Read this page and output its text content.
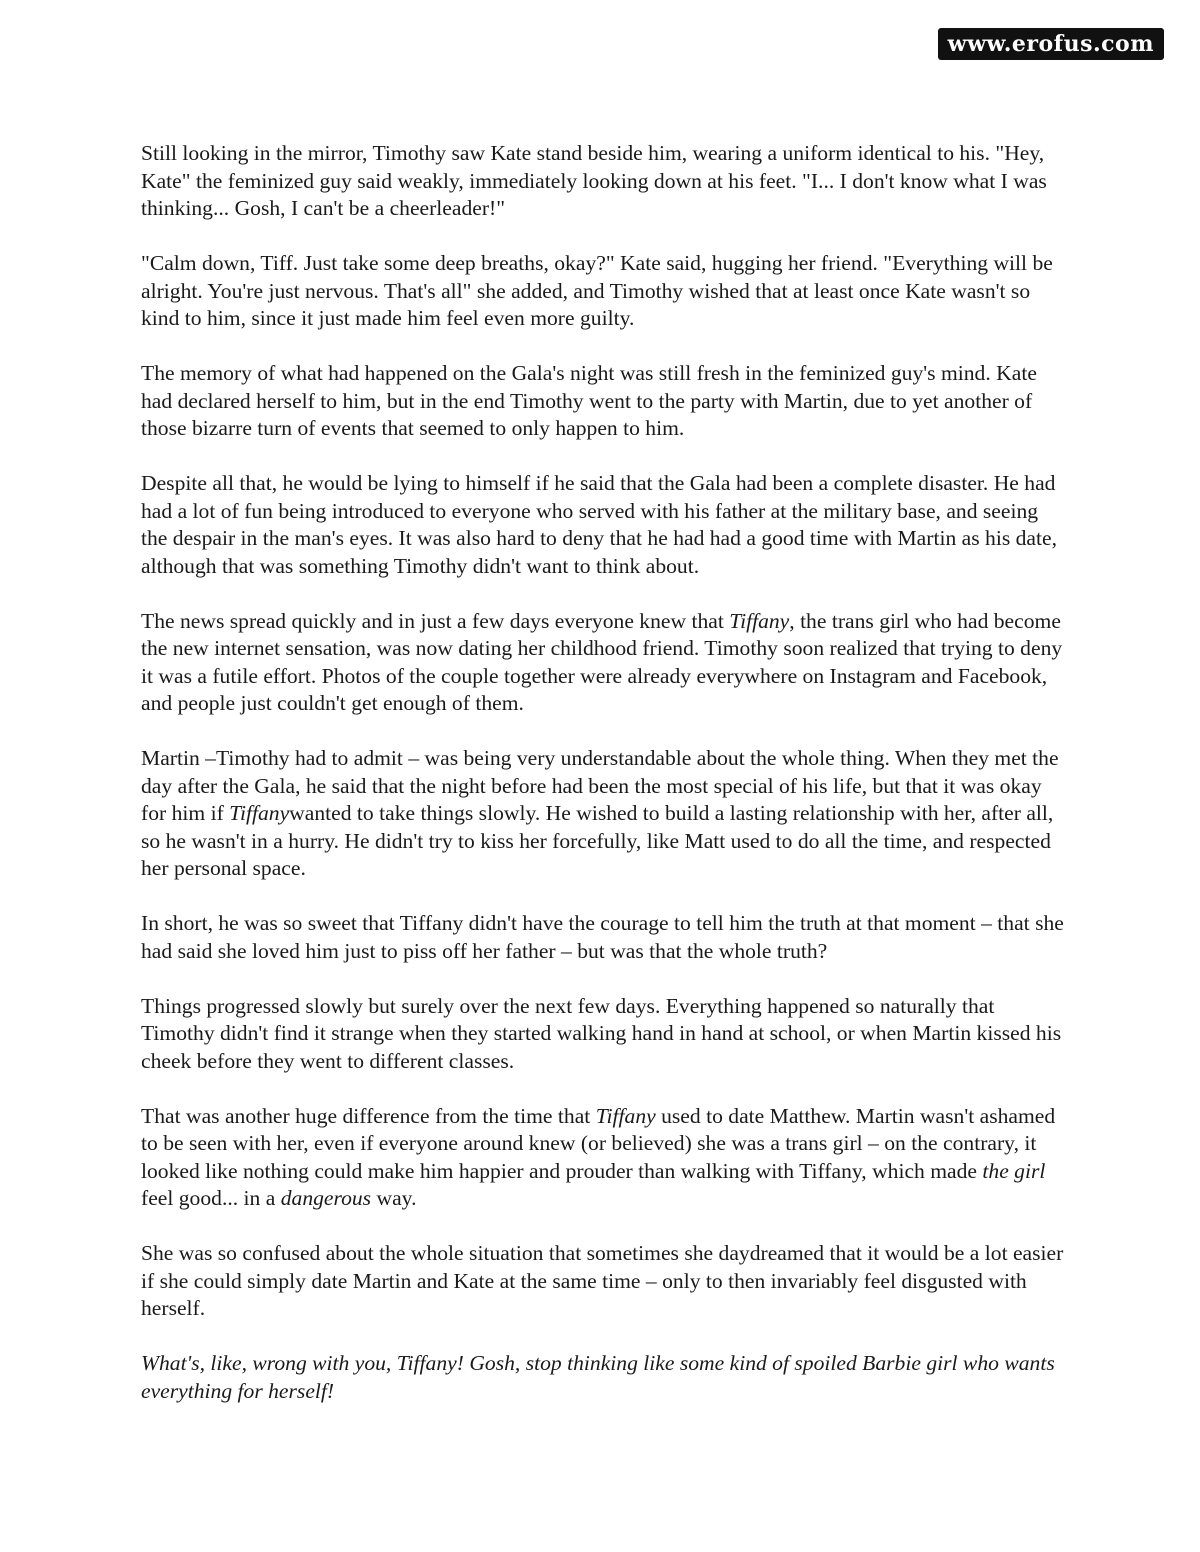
www.erofus.com

Still looking in the mirror, Timothy saw Kate stand beside him, wearing a uniform identical to his. "Hey, Kate" the feminized guy said weakly, immediately looking down at his feet. "I... I don't know what I was thinking... Gosh, I can't be a cheerleader!"

"Calm down, Tiff. Just take some deep breaths, okay?" Kate said, hugging her friend. "Everything will be alright. You're just nervous. That's all" she added, and Timothy wished that at least once Kate wasn't so kind to him, since it just made him feel even more guilty.

The memory of what had happened on the Gala's night was still fresh in the feminized guy's mind. Kate had declared herself to him, but in the end Timothy went to the party with Martin, due to yet another of those bizarre turn of events that seemed to only happen to him.

Despite all that, he would be lying to himself if he said that the Gala had been a complete disaster. He had had a lot of fun being introduced to everyone who served with his father at the military base, and seeing the despair in the man's eyes. It was also hard to deny that he had had a good time with Martin as his date, although that was something Timothy didn't want to think about.

The news spread quickly and in just a few days everyone knew that Tiffany, the trans girl who had become the new internet sensation, was now dating her childhood friend. Timothy soon realized that trying to deny it was a futile effort. Photos of the couple together were already everywhere on Instagram and Facebook, and people just couldn't get enough of them.

Martin –Timothy had to admit – was being very understandable about the whole thing. When they met the day after the Gala, he said that the night before had been the most special of his life, but that it was okay for him if Tiffanywanted to take things slowly. He wished to build a lasting relationship with her, after all, so he wasn't in a hurry. He didn't try to kiss her forcefully, like Matt used to do all the time, and respected her personal space.

In short, he was so sweet that Tiffany didn't have the courage to tell him the truth at that moment – that she had said she loved him just to piss off her father – but was that the whole truth?

Things progressed slowly but surely over the next few days. Everything happened so naturally that Timothy didn't find it strange when they started walking hand in hand at school, or when Martin kissed his cheek before they went to different classes.

That was another huge difference from the time that Tiffany used to date Matthew. Martin wasn't ashamed to be seen with her, even if everyone around knew (or believed) she was a trans girl – on the contrary, it looked like nothing could make him happier and prouder than walking with Tiffany, which made the girl feel good... in a dangerous way.

She was so confused about the whole situation that sometimes she daydreamed that it would be a lot easier if she could simply date Martin and Kate at the same time – only to then invariably feel disgusted with herself.

What's, like, wrong with you, Tiffany! Gosh, stop thinking like some kind of spoiled Barbie girl who wants everything for herself!
